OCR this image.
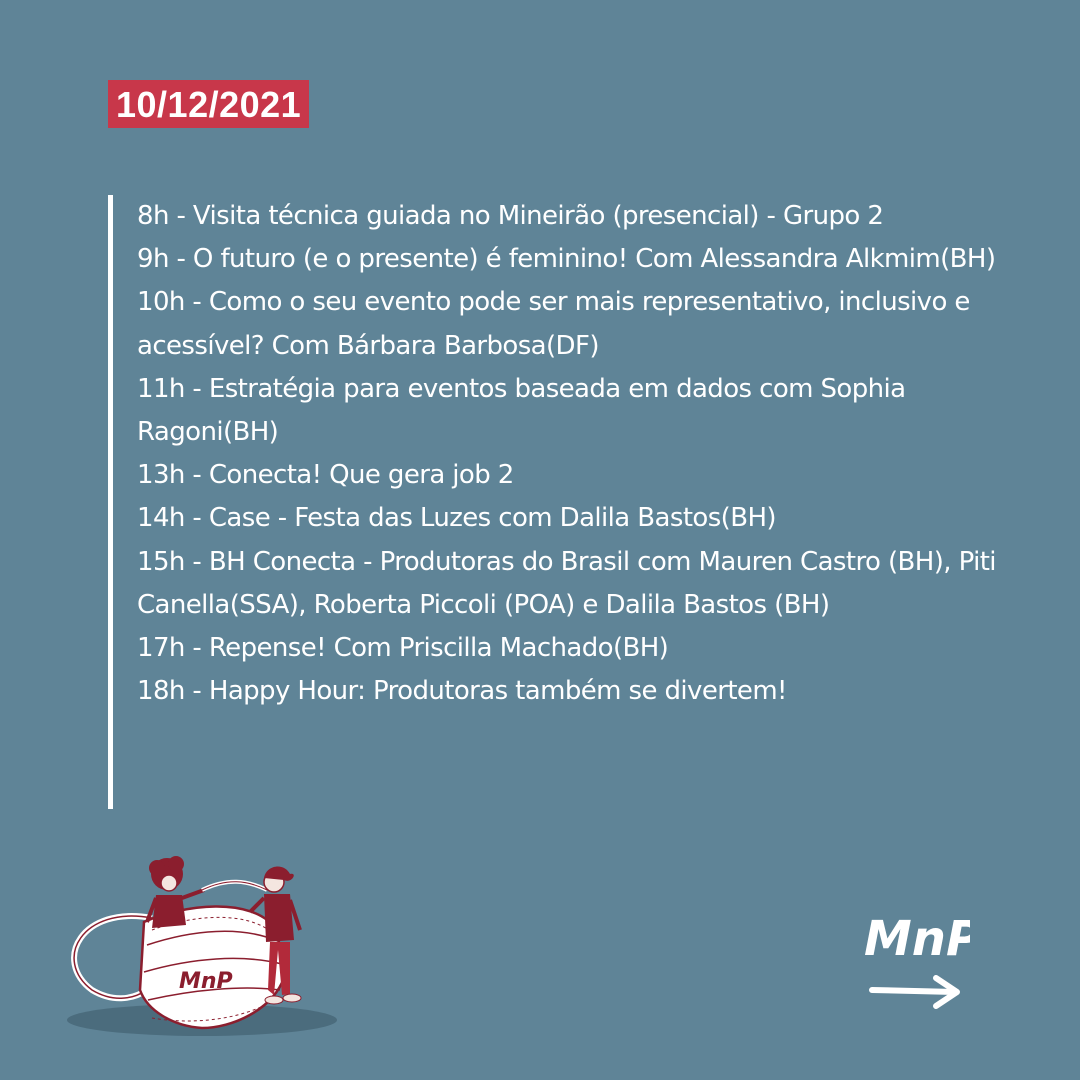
10/12/2021
8h - Visita técnica guiada no Mineirão (presencial) - Grupo 2
9h - O futuro (e o presente) é feminino! Com Alessandra Alkmim(BH)
10h - Como o seu evento pode ser mais representativo, inclusivo e acessível? Com Bárbara Barbosa(DF)
11h - Estratégia para eventos baseada em dados com Sophia Ragoni(BH)
13h - Conecta! Que gera job 2
14h - Case - Festa das Luzes com Dalila Bastos(BH)
15h - BH Conecta - Produtoras do Brasil com Mauren Castro (BH), Piti Canella(SSA), Roberta Piccoli (POA) e Dalila Bastos (BH)
17h - Repense! Com Priscilla Machado(BH)
18h - Happy Hour: Produtoras também se divertem!
MnP
MnP
